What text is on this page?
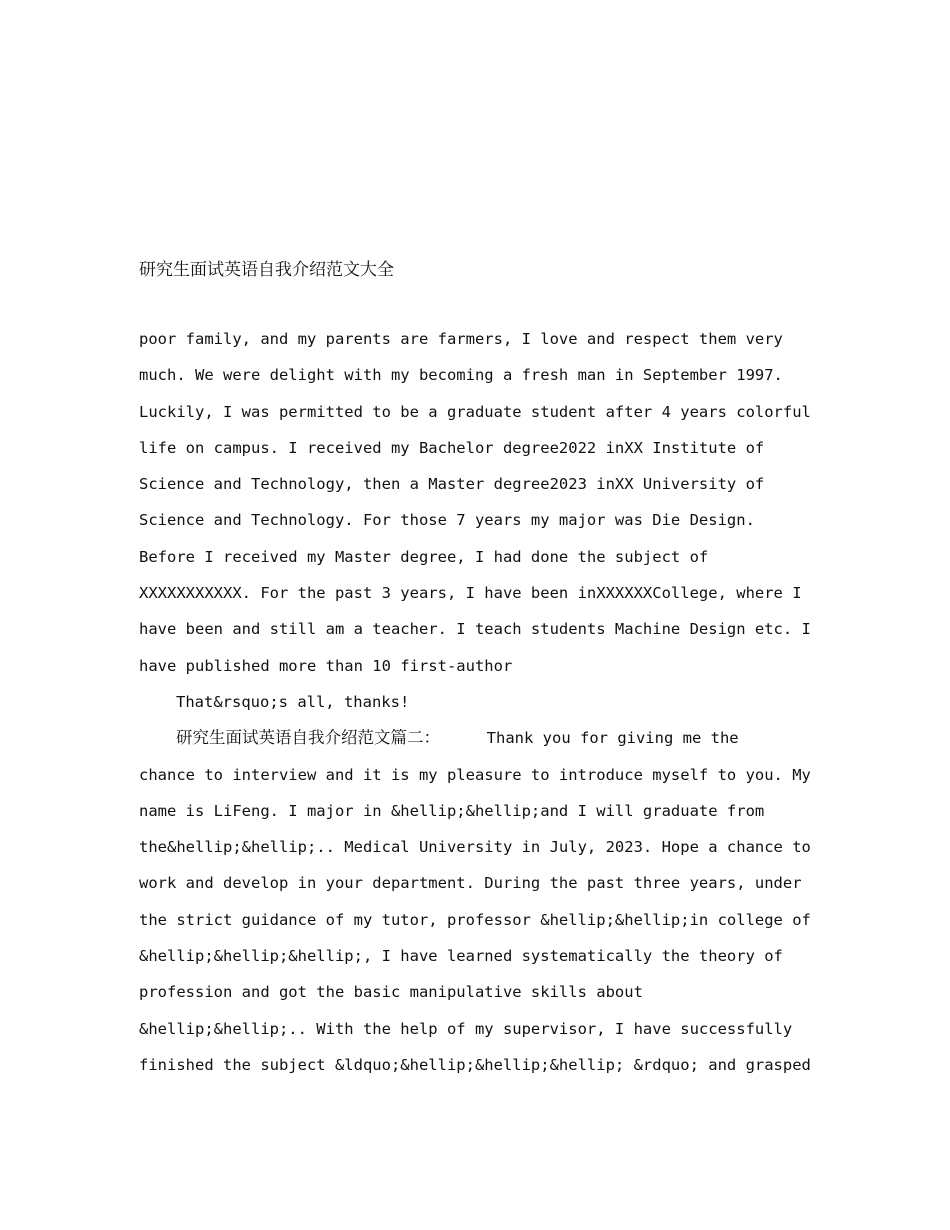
研究生面试英语自我介绍范文大全
poor family, and my parents are farmers, I love and respect them very
much. We were delight with my becoming a fresh man in September 1997.
Luckily, I was permitted to be a graduate student after 4 years colorful
life on campus. I received my Bachelor degree2022 inXX Institute of
Science and Technology, then a Master degree2023 inXX University of
Science and Technology. For those 7 years my major was Die Design.
Before I received my Master degree, I had done the subject of
XXXXXXXXXXX. For the past 3 years, I have been inXXXXXXCollege, where I
have been and still am a teacher. I teach students Machine Design etc. I
have published more than 10 first-author
That&rsquo;s all, thanks!
研究生面试英语自我介绍范文篇二：	Thank you for giving me the
chance to interview and it is my pleasure to introduce myself to you. My
name is LiFeng. I major in &hellip;&hellip;and I will graduate from
the&hellip;&hellip;.. Medical University in July, 2023. Hope a chance to
work and develop in your department. During the past three years, under
the strict guidance of my tutor, professor &hellip;&hellip;in college of
&hellip;&hellip;&hellip;, I have learned systematically the theory of
profession and got the basic manipulative skills about
&hellip;&hellip;.. With the help of my supervisor, I have successfully
finished the subject &ldquo;&hellip;&hellip;&hellip; &rdquo; and grasped
